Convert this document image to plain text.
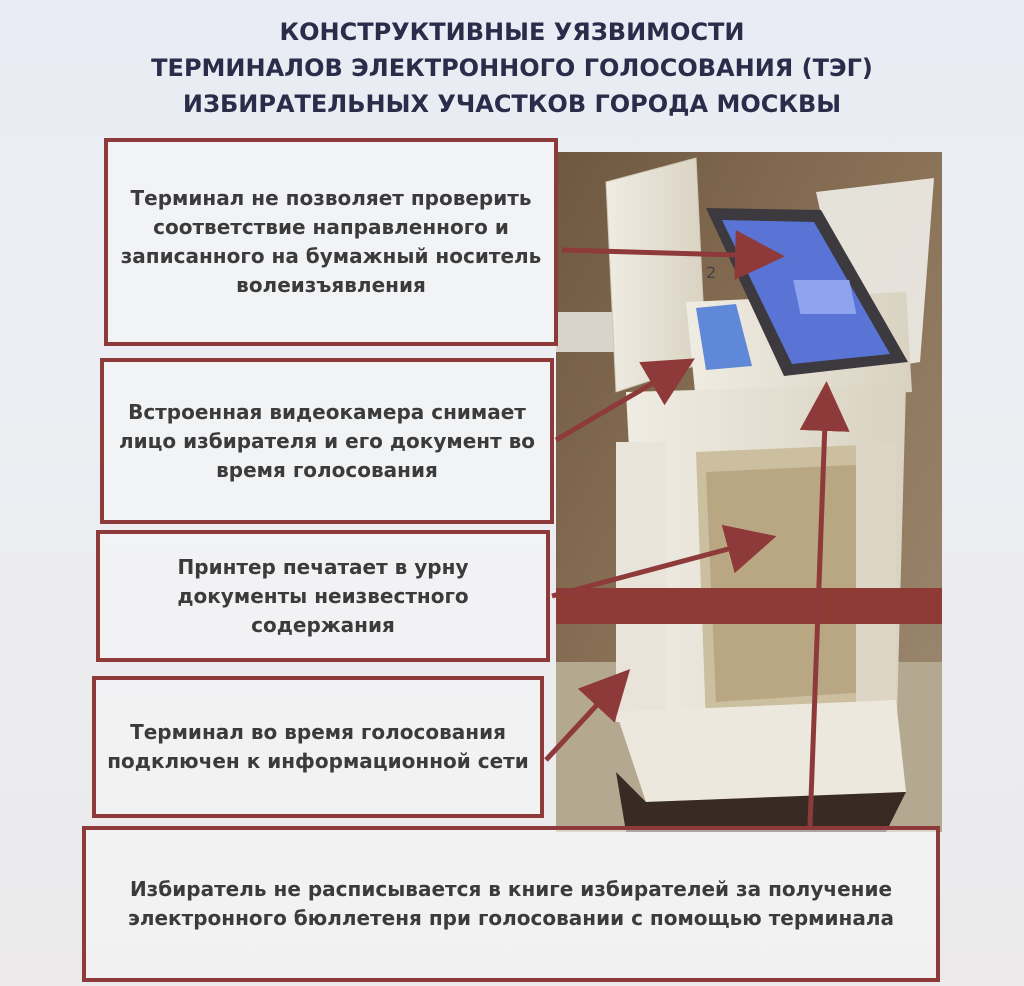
КОНСТРУКТИВНЫЕ УЯЗВИМОСТИ
ТЕРМИНАЛОВ ЭЛЕКТРОННОГО ГОЛОСОВАНИЯ (ТЭГ)
ИЗБИРАТЕЛЬНЫХ УЧАСТКОВ ГОРОДА МОСКВЫ
2
Терминал не позволяет проверить соответствие направленного и записанного на бумажный носитель волеизъявления
Встроенная видеокамера снимает лицо избирателя и его документ во время голосования
Принтер печатает в урну документы неизвестного содержания
Терминал во время голосования подключен к информационной сети
Избиратель не расписывается в книге избирателей за получение электронного бюллетеня при голосовании с помощью терминала
